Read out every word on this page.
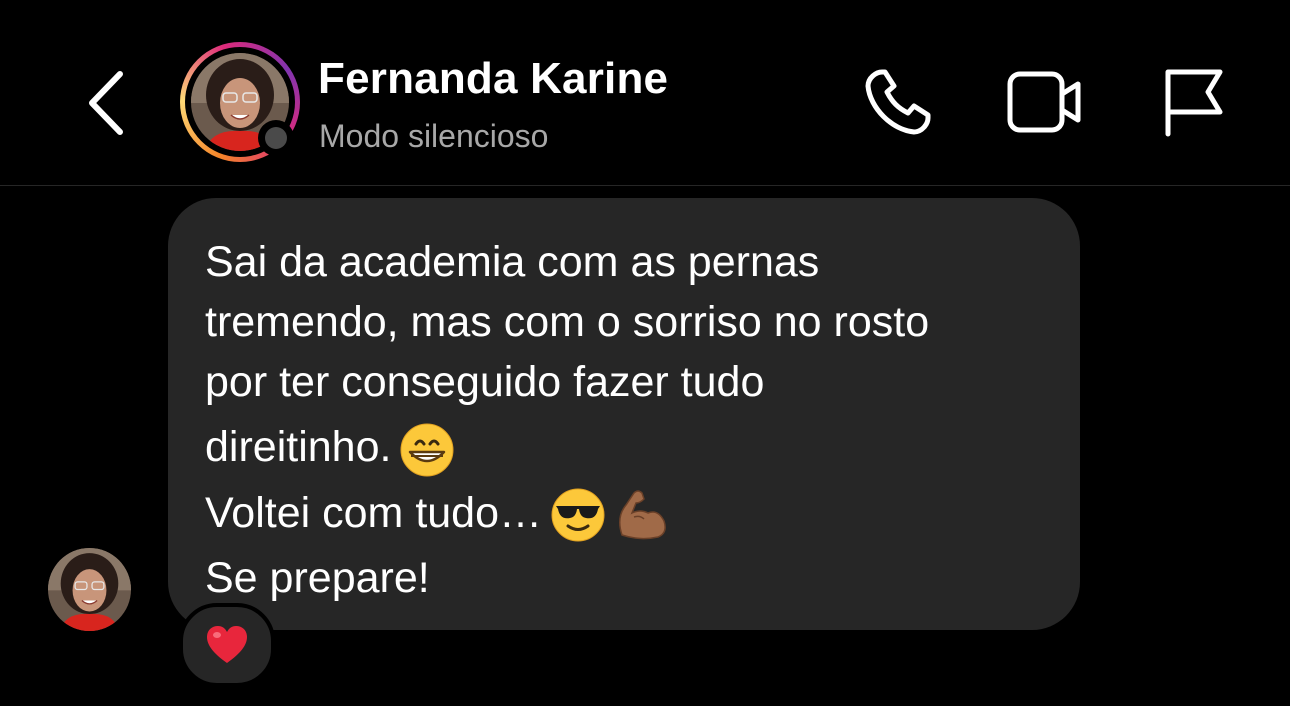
Fernanda Karine
Modo silencioso
Sai da academia com as pernas
tremendo, mas com o sorriso no rosto
por ter conseguido fazer tudo
direitinho.
Voltei com tudo…
Se prepare!
